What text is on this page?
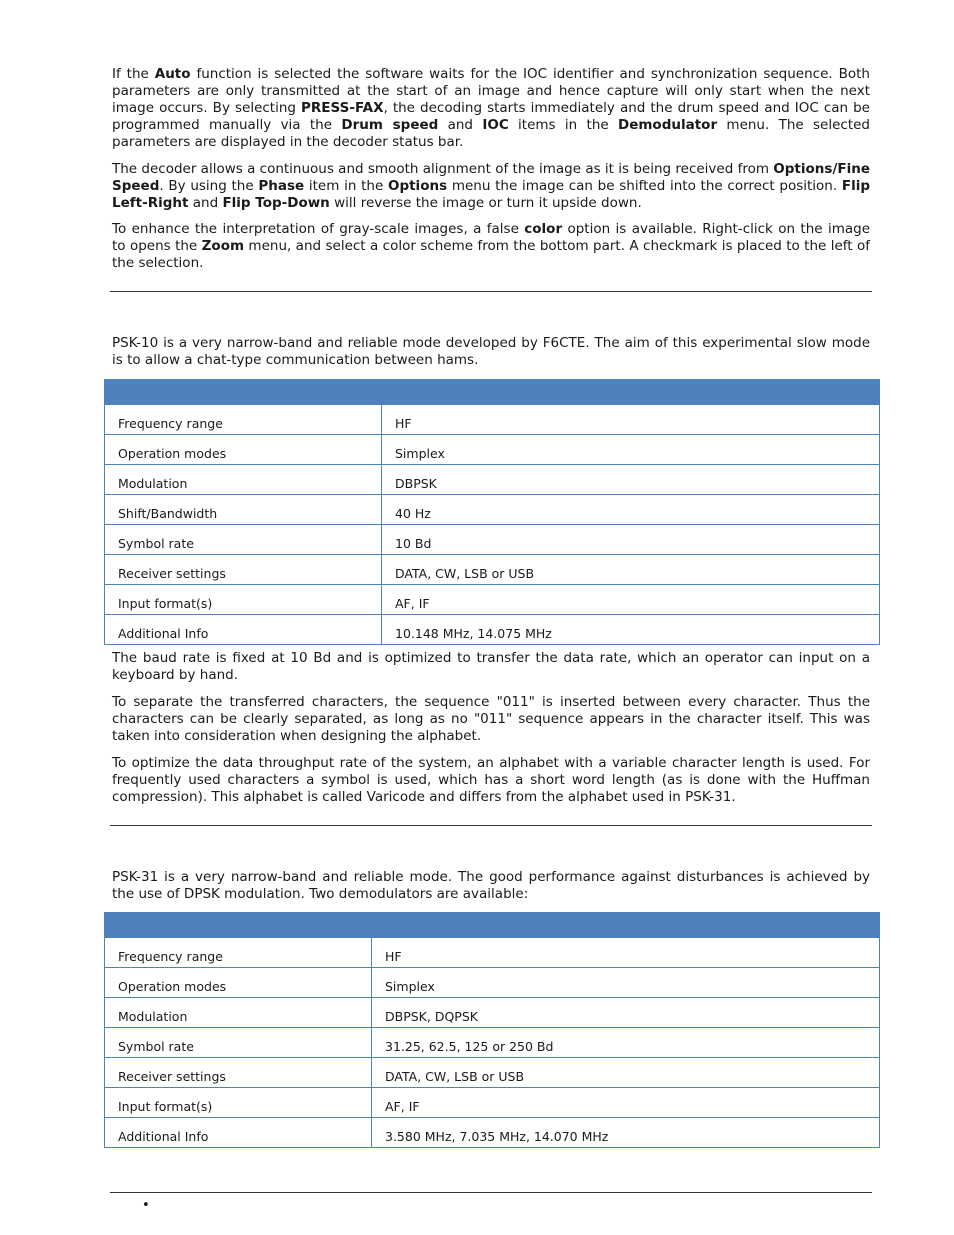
If the Auto function is selected the software waits for the IOC identifier and synchronization sequence. Both parameters are only transmitted at the start of an image and hence capture will only start when the next image occurs. By selecting PRESS-FAX, the decoding starts immediately and the drum speed and IOC can be programmed manually via the Drum speed and IOC items in the Demodulator menu. The selected parameters are displayed in the decoder status bar.

The decoder allows a continuous and smooth alignment of the image as it is being received from Options/Fine Speed. By using the Phase item in the Options menu the image can be shifted into the correct position. Flip Left-Right and Flip Top-Down will reverse the image or turn it upside down.

To enhance the interpretation of gray-scale images, a false color option is available. Right-click on the image to opens the Zoom menu, and select a color scheme from the bottom part. A checkmark is placed to the left of the selection.

PSK-10 is a very narrow-band and reliable mode developed by F6CTE. The aim of this experimental slow mode is to allow a chat-type communication between hams.

Frequency range	HF
Operation modes	Simplex
Modulation	DBPSK
Shift/Bandwidth	40 Hz
Symbol rate	10 Bd
Receiver settings	DATA, CW, LSB or USB
Input format(s)	AF, IF
Additional Info	10.148 MHz, 14.075 MHz

The baud rate is fixed at 10 Bd and is optimized to transfer the data rate, which an operator can input on a keyboard by hand.

To separate the transferred characters, the sequence "011" is inserted between every character. Thus the characters can be clearly separated, as long as no "011" sequence appears in the character itself. This was taken into consideration when designing the alphabet.

To optimize the data throughput rate of the system, an alphabet with a variable character length is used. For frequently used characters a symbol is used, which has a short word length (as is done with the Huffman compression). This alphabet is called Varicode and differs from the alphabet used in PSK-31.

PSK-31 is a very narrow-band and reliable mode. The good performance against disturbances is achieved by the use of DPSK modulation. Two demodulators are available:

Frequency range	HF
Operation modes	Simplex
Modulation	DBPSK, DQPSK
Symbol rate	31.25, 62.5, 125 or 250 Bd
Receiver settings	DATA, CW, LSB or USB
Input format(s)	AF, IF
Additional Info	3.580 MHz, 7.035 MHz, 14.070 MHz
•
